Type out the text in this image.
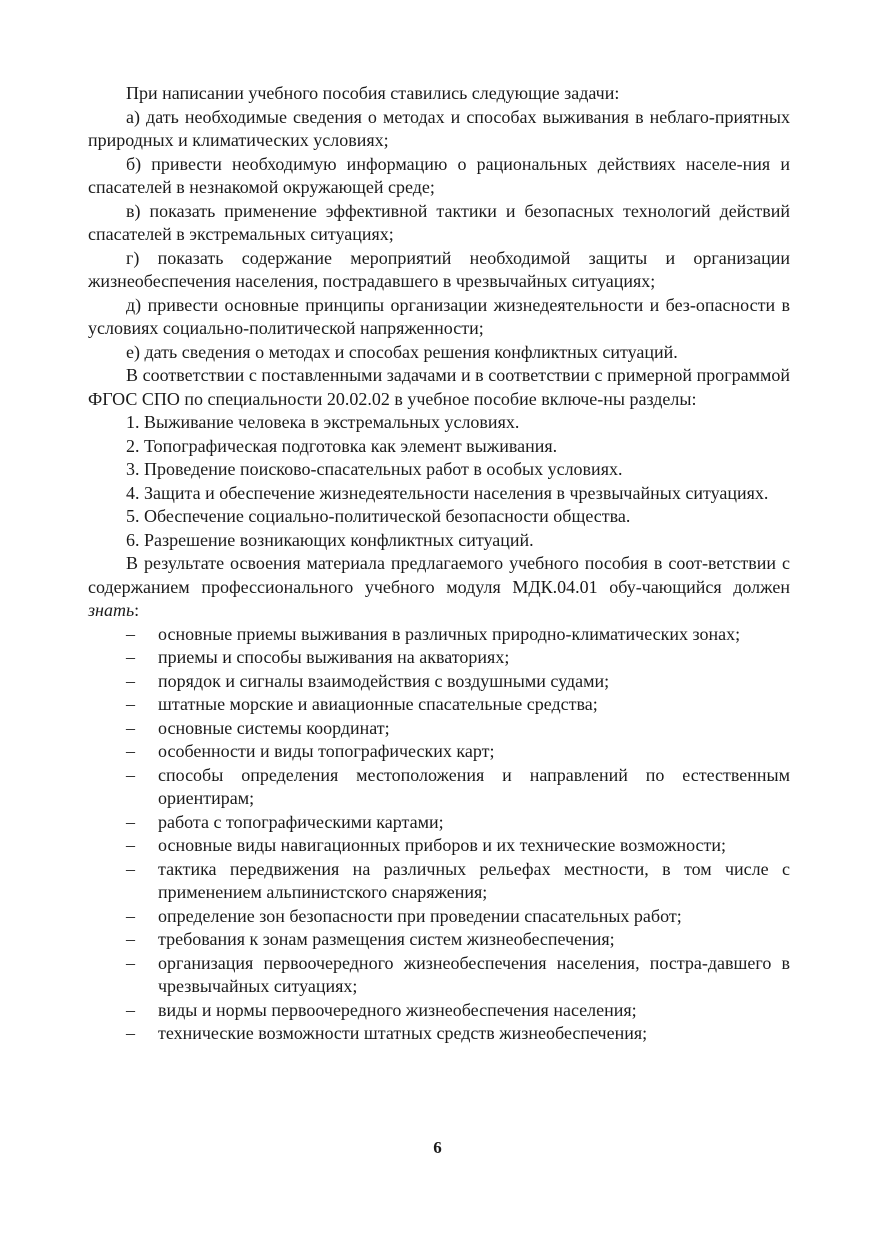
При написании учебного пособия ставились следующие задачи:

а) дать необходимые сведения о методах и способах выживания в неблаго-приятных природных и климатических условиях;

б) привести необходимую информацию о рациональных действиях населе-ния и спасателей в незнакомой окружающей среде;

в) показать применение эффективной тактики и безопасных технологий действий спасателей в экстремальных ситуациях;

г) показать содержание мероприятий необходимой защиты и организации жизнеобеспечения населения, пострадавшего в чрезвычайных ситуациях;

д) привести основные принципы организации жизнедеятельности и без-опасности в условиях социально-политической напряженности;

е) дать сведения о методах и способах решения конфликтных ситуаций.

В соответствии с поставленными задачами и в соответствии с примерной программой ФГОС СПО по специальности 20.02.02 в учебное пособие включе-ны разделы:

1. Выживание человека в экстремальных условиях.

2. Топографическая подготовка как элемент выживания.

3. Проведение поисково-спасательных работ в особых условиях.

4. Защита и обеспечение жизнедеятельности населения в чрезвычайных ситуациях.

5. Обеспечение социально-политической безопасности общества.

6. Разрешение возникающих конфликтных ситуаций.

В результате освоения материала предлагаемого учебного пособия в соот-ветствии с содержанием профессионального учебного модуля МДК.04.01 обу-чающийся должен знать:

– основные приемы выживания в различных природно-климатических зонах;
– приемы и способы выживания на акваториях;
– порядок и сигналы взаимодействия с воздушными судами;
– штатные морские и авиационные спасательные средства;
– основные системы координат;
– особенности и виды топографических карт;
– способы определения местоположения и направлений по естественным ориентирам;
– работа с топографическими картами;
– основные виды навигационных приборов и их технические возможности;
– тактика передвижения на различных рельефах местности, в том числе с применением альпинистского снаряжения;
– определение зон безопасности при проведении спасательных работ;
– требования к зонам размещения систем жизнеобеспечения;
– организация первоочередного жизнеобеспечения населения, постра-давшего в чрезвычайных ситуациях;
– виды и нормы первоочередного жизнеобеспечения населения;
– технические возможности штатных средств жизнеобеспечения;
6
